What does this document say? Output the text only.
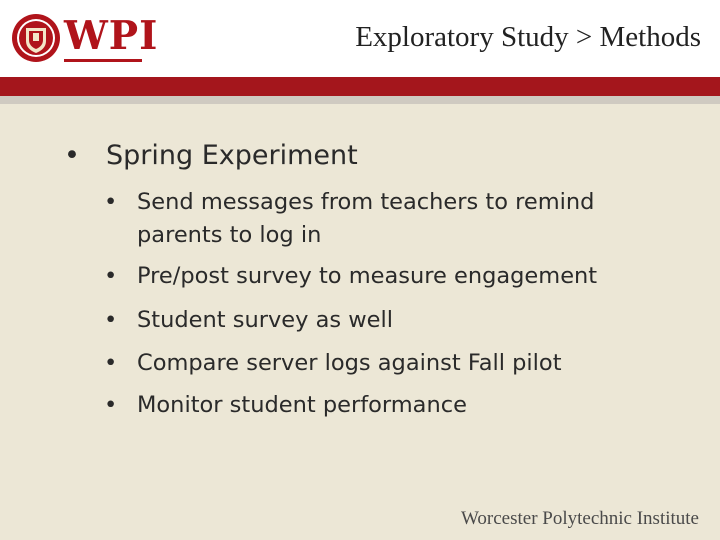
WPI	Exploratory Study > Methods
• Spring Experiment
• Send messages from teachers to remind parents to log in
• Pre/post survey to measure engagement
• Student survey as well
• Compare server logs against Fall pilot
• Monitor student performance
Worcester Polytechnic Institute
